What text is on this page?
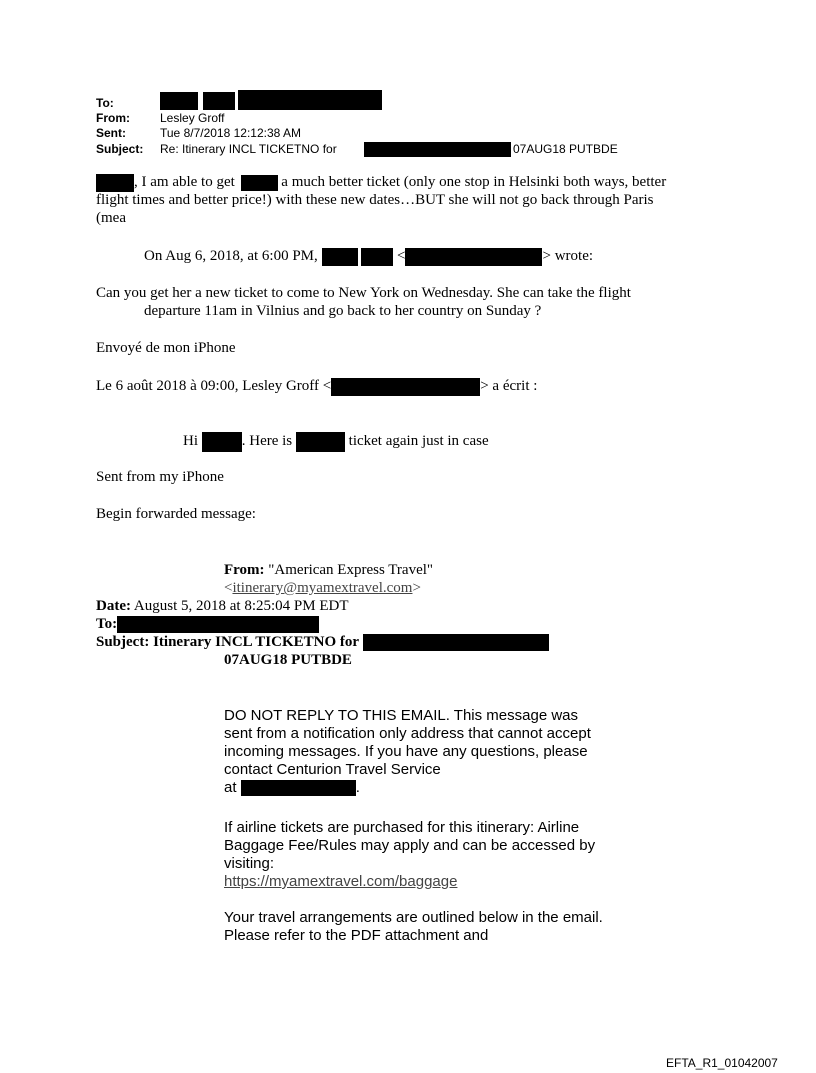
To:
From:	Lesley Groff
Sent:	Tue 8/7/2018 12:12:38 AM
Subject: Re: Itinerary INCL TICKETNO for	07AUG18 PUTBDE
, I am able to get	a much better ticket (only one stop in Helsinki both ways, better
flight times and better price!) with these new dates…BUT she will not go back through Paris
(mea
On Aug 6, 2018, at 6:00 PM,	<	> wrote:
Can you get her a new ticket to come to New York on Wednesday. She can take the flight
departure 11am in Vilnius and go back to her country on Sunday ?
Envoyé de mon iPhone
Le 6 août 2018 à 09:00, Lesley Groff <	> a écrit :
Hi	. Here is	ticket again just in case
Sent from my iPhone
Begin forwarded message:
From: "American Express Travel"
<itinerary@myamextravel.com>
Date: August 5, 2018 at 8:25:04 PM EDT
To:
Subject: Itinerary INCL TICKETNO for
07AUG18 PUTBDE
DO NOT REPLY TO THIS EMAIL. This message was sent from a notification only address that cannot accept incoming messages. If you have any questions, please contact Centurion Travel Service
at	.
If airline tickets are purchased for this itinerary: Airline Baggage Fee/Rules may apply and can be accessed by visiting:
https://myamextravel.com/baggage
Your travel arrangements are outlined below in the email. Please refer to the PDF attachment and
EFTA_R1_01042007
